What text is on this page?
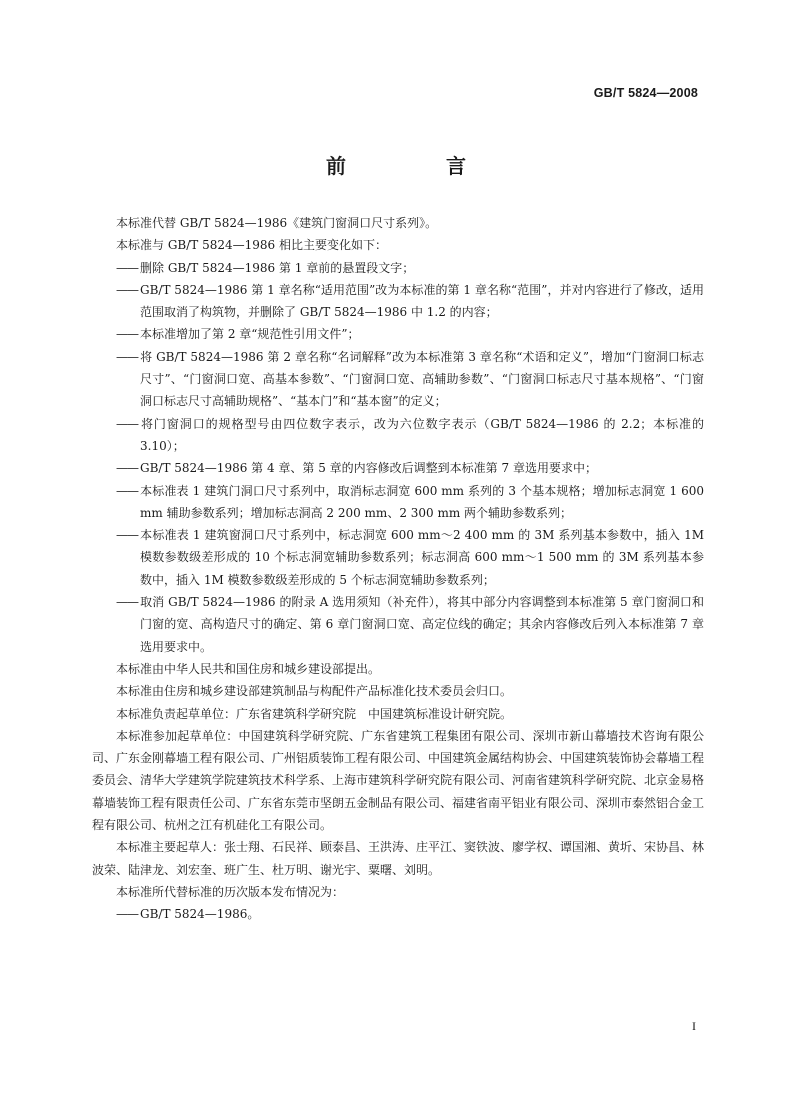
GB/T 5824—2008
前　言
本标准代替 GB/T 5824—1986《建筑门窗洞口尺寸系列》。
本标准与 GB/T 5824—1986 相比主要变化如下：
—— 删除 GB/T 5824—1986 第 1 章前的悬置段文字；
—— GB/T 5824—1986 第 1 章名称“适用范围”改为本标准的第 1 章名称“范围”，并对内容进行了修改，适用范围取消了构筑物，并删除了 GB/T 5824—1986 中 1.2 的内容；
—— 本标准增加了第 2 章“规范性引用文件”；
—— 将 GB/T 5824—1986 第 2 章名称“名词解释”改为本标准第 3 章名称“术语和定义”，增加“门窗洞口标志尺寸”、“门窗洞口宽、高基本参数”、“门窗洞口宽、高辅助参数”、“门窗洞口标志尺寸基本规格”、“门窗洞口标志尺寸高辅助规格”、“基本门”和“基本窗”的定义；
—— 将门窗洞口的规格型号由四位数字表示，改为六位数字表示（GB/T 5824—1986 的 2.2；本标准的 3.10）；
—— GB/T 5824—1986 第 4 章、第 5 章的内容修改后调整到本标准第 7 章选用要求中；
—— 本标准表 1 建筑门洞口尺寸系列中，取消标志洞宽 600 mm 系列的 3 个基本规格；增加标志洞宽 1 600 mm 辅助参数系列；增加标志洞高 2 200 mm、2 300 mm 两个辅助参数系列；
—— 本标准表 1 建筑窗洞口尺寸系列中，标志洞宽 600 mm～2 400 mm 的 3M 系列基本参数中，插入 1M 模数参数级差形成的 10 个标志洞宽辅助参数系列；标志洞高 600 mm～1 500 mm 的 3M 系列基本参数中，插入 1M 模数参数级差形成的 5 个标志洞宽辅助参数系列；
—— 取消 GB/T 5824—1986 的附录 A 选用须知（补充件），将其中部分内容调整到本标准第 5 章门窗洞口和门窗的宽、高构造尺寸的确定、第 6 章门窗洞口宽、高定位线的确定；其余内容修改后列入本标准第 7 章选用要求中。
本标准由中华人民共和国住房和城乡建设部提出。
本标准由住房和城乡建设部建筑制品与构配件产品标准化技术委员会归口。
本标准负责起草单位：广东省建筑科学研究院　中国建筑标准设计研究院。
本标准参加起草单位：中国建筑科学研究院、广东省建筑工程集团有限公司、深圳市新山幕墙技术咨询有限公司、广东金刚幕墙工程有限公司、广州铝质装饰工程有限公司、中国建筑金属结构协会、中国建筑装饰协会幕墙工程委员会、清华大学建筑学院建筑技术科学系、上海市建筑科学研究院有限公司、河南省建筑科学研究院、北京金易格幕墙装饰工程有限责任公司、广东省东莞市坚朗五金制品有限公司、福建省南平铝业有限公司、深圳市泰然铝合金工程有限公司、杭州之江有机硅化工有限公司。
本标准主要起草人：张士翔、石民祥、顾泰昌、王洪涛、庄平江、窦铁波、廖学权、谭国湘、黄圻、宋协昌、林波荣、陆津龙、刘宏奎、班广生、杜万明、谢光宇、粟曙、刘明。
本标准所代替标准的历次版本发布情况为：
—— GB/T 5824—1986。
I
